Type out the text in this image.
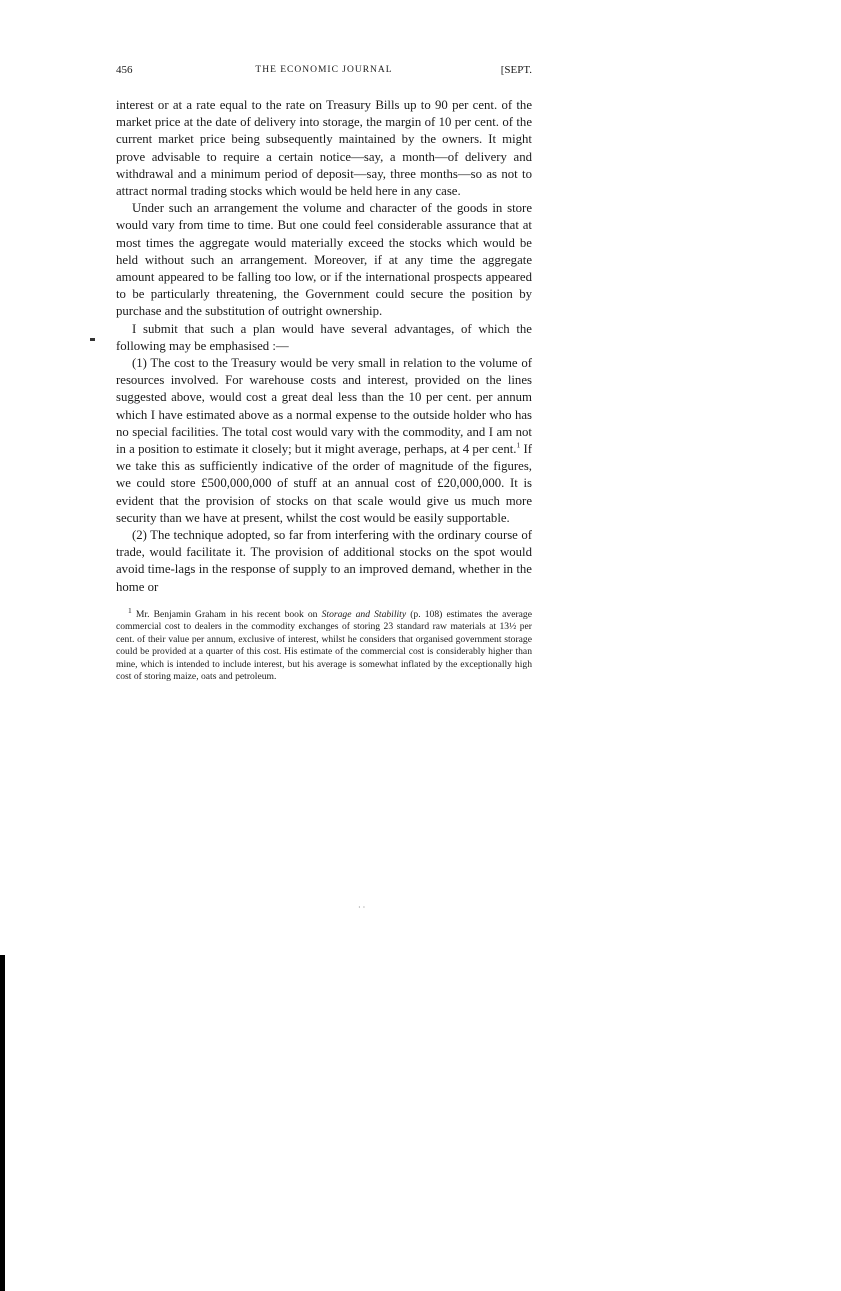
456	THE ECONOMIC JOURNAL	[SEPT.

interest or at a rate equal to the rate on Treasury Bills up to 90 per cent. of the market price at the date of delivery into storage, the margin of 10 per cent. of the current market price being subsequently maintained by the owners. It might prove advisable to require a certain notice—say, a month—of delivery and withdrawal and a minimum period of deposit—say, three months—so as not to attract normal trading stocks which would be held here in any case.

Under such an arrangement the volume and character of the goods in store would vary from time to time. But one could feel considerable assurance that at most times the aggregate would materially exceed the stocks which would be held without such an arrangement. Moreover, if at any time the aggregate amount appeared to be falling too low, or if the international prospects appeared to be particularly threatening, the Government could secure the position by purchase and the substitution of outright ownership.

I submit that such a plan would have several advantages, of which the following may be emphasised :—

(1) The cost to the Treasury would be very small in relation to the volume of resources involved. For warehouse costs and interest, provided on the lines suggested above, would cost a great deal less than the 10 per cent. per annum which I have estimated above as a normal expense to the outside holder who has no special facilities. The total cost would vary with the commodity, and I am not in a position to estimate it closely; but it might average, perhaps, at 4 per cent.$^1$ If we take this as sufficiently indicative of the order of magnitude of the figures, we could store £500,000,000 of stuff at an annual cost of £20,000,000. It is evident that the provision of stocks on that scale would give us much more security than we have at present, whilst the cost would be easily supportable.

(2) The technique adopted, so far from interfering with the ordinary course of trade, would facilitate it. The provision of additional stocks on the spot would avoid time-lags in the response of supply to an improved demand, whether in the home or

$^1$ Mr. Benjamin Graham in his recent book on Storage and Stability (p. 108) estimates the average commercial cost to dealers in the commodity exchanges of storing 23 standard raw materials at 13½ per cent. of their value per annum, exclusive of interest, whilst he considers that organised government storage could be provided at a quarter of this cost. His estimate of the commercial cost is considerably higher than mine, which is intended to include interest, but his average is somewhat inflated by the exceptionally high cost of storing maize, oats and petroleum.

· ·
